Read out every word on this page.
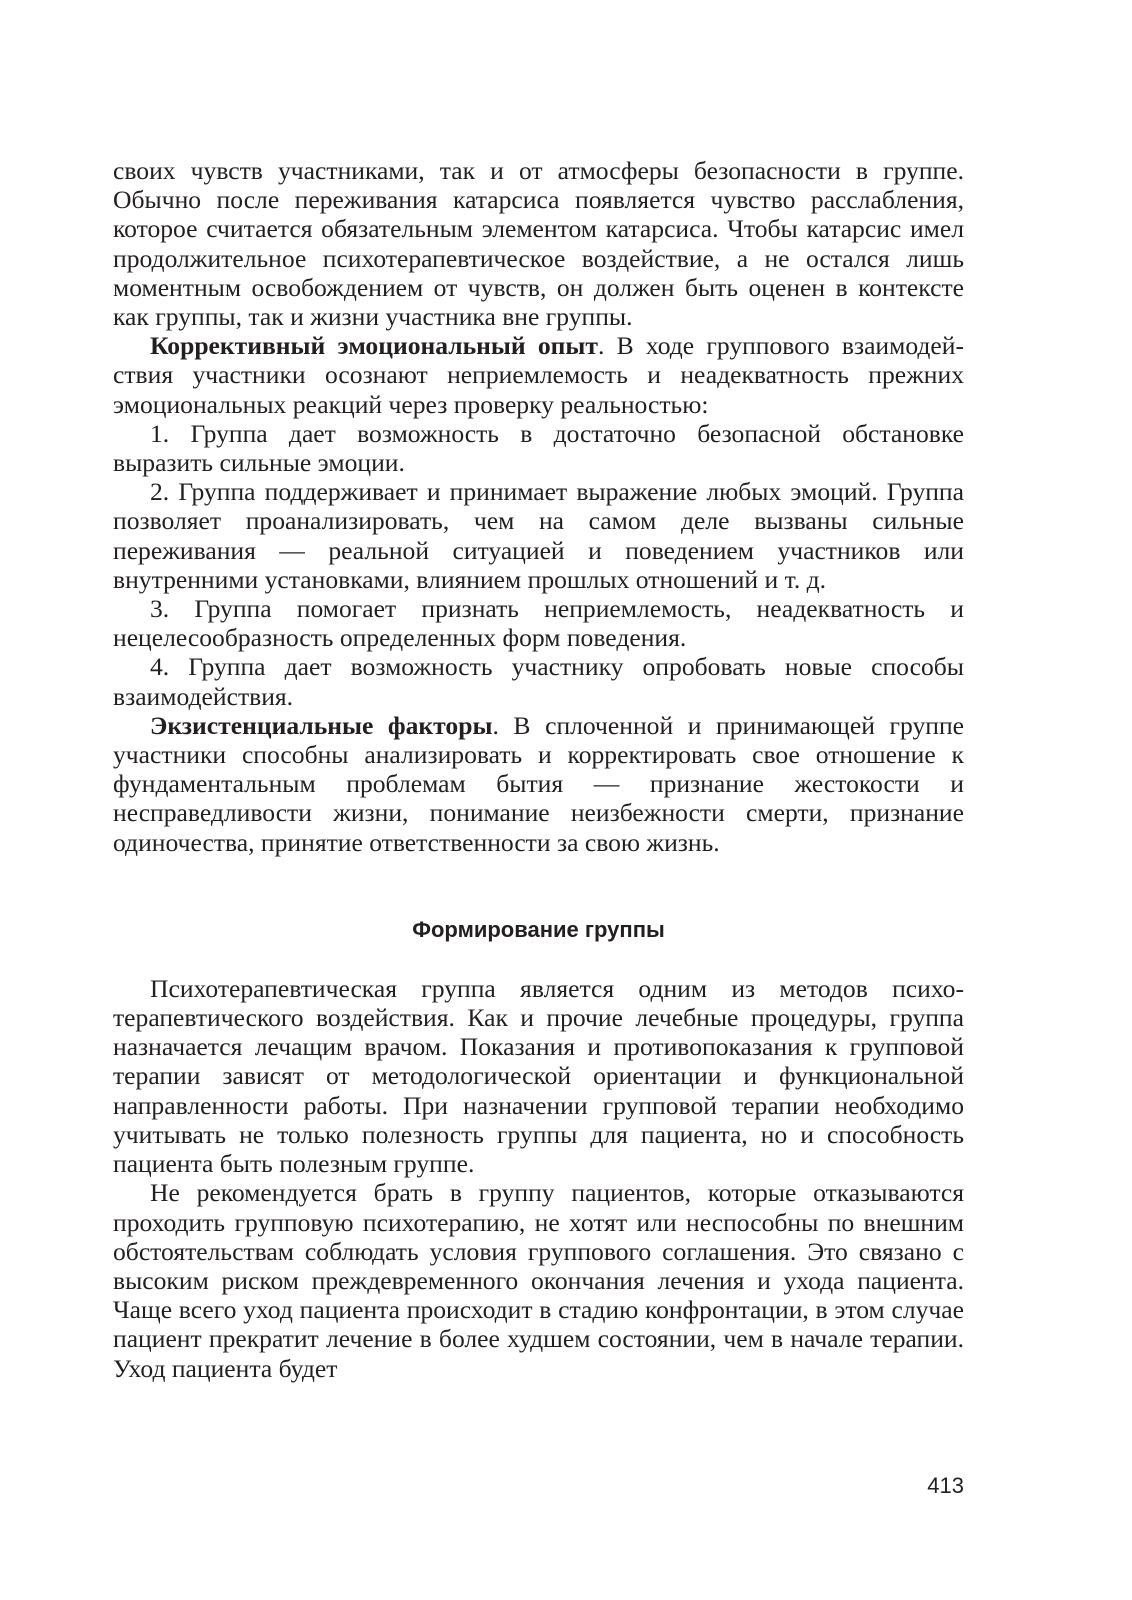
своих чувств участниками, так и от атмосферы безопасности в группе. Обычно после переживания катарсиса появляется чувство расслабления, которое считается обязательным элементом катарсиса. Чтобы катарсис имел продолжительное психотерапевтическое воздействие, а не остался лишь моментным освобождением от чувств, он должен быть оценен в контексте как группы, так и жизни участника вне группы.

Коррективный эмоциональный опыт. В ходе группового взаимодействия участники осознают неприемлемость и неадекватность прежних эмоциональных реакций через проверку реальностью:

1. Группа дает возможность в достаточно безопасной обстановке выразить сильные эмоции.

2. Группа поддерживает и принимает выражение любых эмоций. Группа позволяет проанализировать, чем на самом деле вызваны сильные переживания — реальной ситуацией и поведением участников или внутренними установками, влиянием прошлых отношений и т. д.

3. Группа помогает признать неприемлемость, неадекватность и нецелесообразность определенных форм поведения.

4. Группа дает возможность участнику опробовать новые способы взаимодействия.

Экзистенциальные факторы. В сплоченной и принимающей группе участники способны анализировать и корректировать свое отношение к фундаментальным проблемам бытия — признание жестокости и несправедливости жизни, понимание неизбежности смерти, признание одиночества, принятие ответственности за свою жизнь.

Формирование группы

Психотерапевтическая группа является одним из методов психотерапевтического воздействия. Как и прочие лечебные процедуры, группа назначается лечащим врачом. Показания и противопоказания к групповой терапии зависят от методологической ориентации и функциональной направленности работы. При назначении групповой терапии необходимо учитывать не только полезность группы для пациента, но и способность пациента быть полезным группе.

Не рекомендуется брать в группу пациентов, которые отказываются проходить групповую психотерапию, не хотят или неспособны по внешним обстоятельствам соблюдать условия группового соглашения. Это связано с высоким риском преждевременного окончания лечения и ухода пациента. Чаще всего уход пациента происходит в стадию конфронтации, в этом случае пациент прекратит лечение в более худшем состоянии, чем в начале терапии. Уход пациента будет

413
